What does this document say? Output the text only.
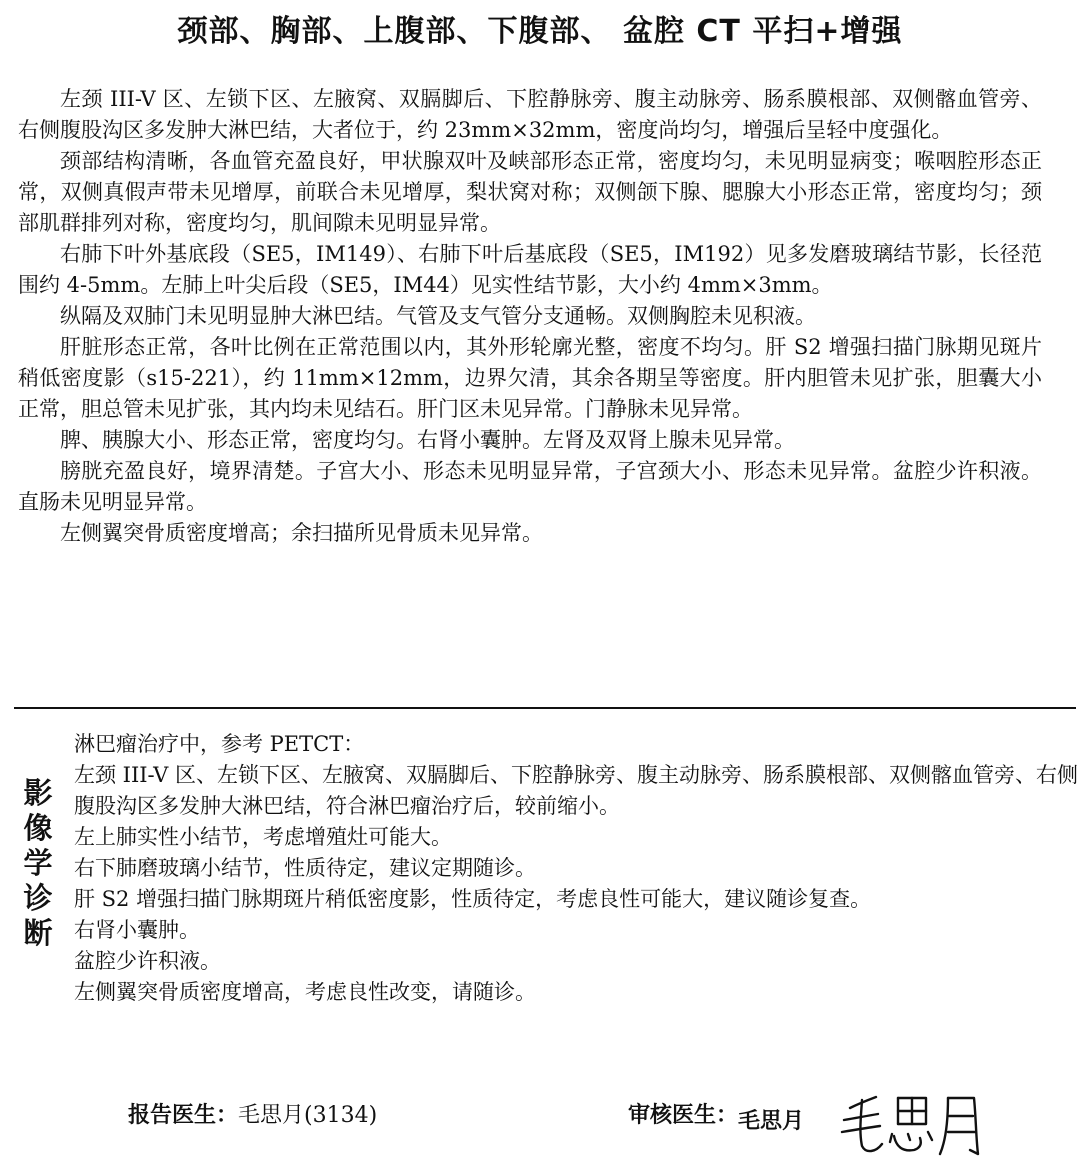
颈部、胸部、上腹部、下腹部、 盆腔 CT 平扫+增强

左颈 III-V 区、左锁下区、左腋窝、双膈脚后、下腔静脉旁、腹主动脉旁、肠系膜根部、双侧髂血管旁、右侧腹股沟区多发肿大淋巴结，大者位于，约 23mm×32mm，密度尚均匀，增强后呈轻中度强化。

颈部结构清晰，各血管充盈良好，甲状腺双叶及峡部形态正常，密度均匀，未见明显病变；喉咽腔形态正常，双侧真假声带未见增厚，前联合未见增厚，梨状窝对称；双侧颌下腺、腮腺大小形态正常，密度均匀；颈部肌群排列对称，密度均匀，肌间隙未见明显异常。

右肺下叶外基底段（SE5，IM149）、右肺下叶后基底段（SE5，IM192）见多发磨玻璃结节影，长径范围约 4-5mm。左肺上叶尖后段（SE5，IM44）见实性结节影，大小约 4mm×3mm。

纵隔及双肺门未见明显肿大淋巴结。气管及支气管分支通畅。双侧胸腔未见积液。

肝脏形态正常，各叶比例在正常范围以内，其外形轮廓光整，密度不均匀。肝 S2 增强扫描门脉期见斑片稍低密度影（s15-221），约 11mm×12mm，边界欠清，其余各期呈等密度。肝内胆管未见扩张，胆囊大小正常，胆总管未见扩张，其内均未见结石。肝门区未见异常。门静脉未见异常。

脾、胰腺大小、形态正常，密度均匀。右肾小囊肿。左肾及双肾上腺未见异常。

膀胱充盈良好，境界清楚。子宫大小、形态未见明显异常，子宫颈大小、形态未见异常。盆腔少许积液。直肠未见明显异常。

左侧翼突骨质密度增高；余扫描所见骨质未见异常。

影
像
学
诊
断

淋巴瘤治疗中，参考 PETCT：

左颈 III-V 区、左锁下区、左腋窝、双膈脚后、下腔静脉旁、腹主动脉旁、肠系膜根部、双侧髂血管旁、右侧腹股沟区多发肿大淋巴结，符合淋巴瘤治疗后，较前缩小。

左上肺实性小结节，考虑增殖灶可能大。

右下肺磨玻璃小结节，性质待定，建议定期随诊。

肝 S2 增强扫描门脉期斑片稍低密度影，性质待定，考虑良性可能大，建议随诊复查。

右肾小囊肿。

盆腔少许积液。

左侧翼突骨质密度增高，考虑良性改变，请随诊。

报告医生：毛思月(3134)	审核医生：毛思月
